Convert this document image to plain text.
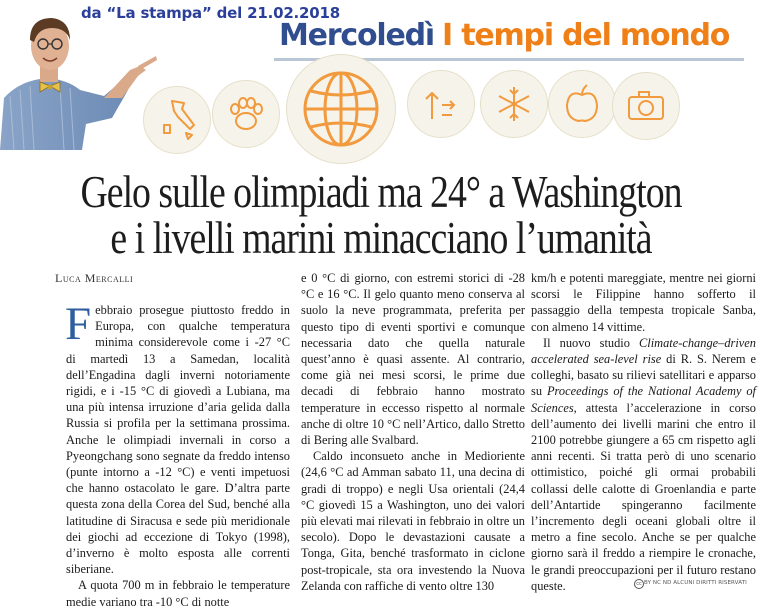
da “La stampa” del 21.02.2018
Mercoledì I tempi del mondo
Gelo sulle olimpiadi ma 24° a Washington
e i livelli marini minacciano l’umanità
Luca Mercalli

Febbraio prosegue piuttosto freddo in Europa, con qualche temperatura minima considerevole come i -27 °C di martedì 13 a Samedan, località dell’Engadina dagli inverni notoriamente rigidi, e i -15 °C di giovedì a Lubiana, ma una più intensa irruzione d’aria gelida dalla Russia si profila per la settimana prossima. Anche le olimpiadi invernali in corso a Pyeongchang sono segnate da freddo intenso (punte intorno a -12 °C) e venti impetuosi che hanno ostacolato le gare. D’altra parte questa zona della Corea del Sud, benché alla latitudine di Siracusa e sede più meridionale dei giochi ad eccezione di Tokyo (1998), d’inverno è molto esposta alle correnti siberiane.

A quota 700 m in febbraio le temperature medie variano tra -10 °C di notte

e 0 °C di giorno, con estremi storici di -28 °C e 16 °C. Il gelo quanto meno conserva al suolo la neve programmata, preferita per questo tipo di eventi sportivi e comunque necessaria dato che quella naturale quest’anno è quasi assente. Al contrario, come già nei mesi scorsi, le prime due decadi di febbraio hanno mostrato temperature in eccesso rispetto al normale anche di oltre 10 °C nell’Artico, dallo Stretto di Bering alle Svalbard.

Caldo inconsueto anche in Medioriente (24,6 °C ad Amman sabato 11, una decina di gradi di troppo) e negli Usa orientali (24,4 °C giovedì 15 a Washington, uno dei valori più elevati mai rilevati in febbraio in oltre un secolo). Dopo le devastazioni causate a Tonga, Gita, benché trasformato in ciclone post-tropicale, sta ora investendo la Nuova Zelanda con raffiche di vento oltre 130

km/h e potenti mareggiate, mentre nei giorni scorsi le Filippine hanno sofferto il passaggio della tempesta tropicale Sanba, con almeno 14 vittime.

Il nuovo studio Climate-change–driven accelerated sea-level rise di R. S. Nerem e colleghi, basato su rilievi satellitari e apparso su Proceedings of the National Academy of Sciences, attesta l’accelerazione in corso dell’aumento dei livelli marini che entro il 2100 potrebbe giungere a 65 cm rispetto agli anni recenti. Si tratta però di uno scenario ottimistico, poiché gli ormai probabili collassi delle calotte di Groenlandia e parte dell’Antartide spingeranno facilmente l’incremento degli oceani globali oltre il metro a fine secolo. Anche se per qualche giorno sarà il freddo a riempire le cronache, le grandi preoccupazioni per il futuro restano queste.	cc BY NC ND ALCUNI DIRITTI RISERVATI
